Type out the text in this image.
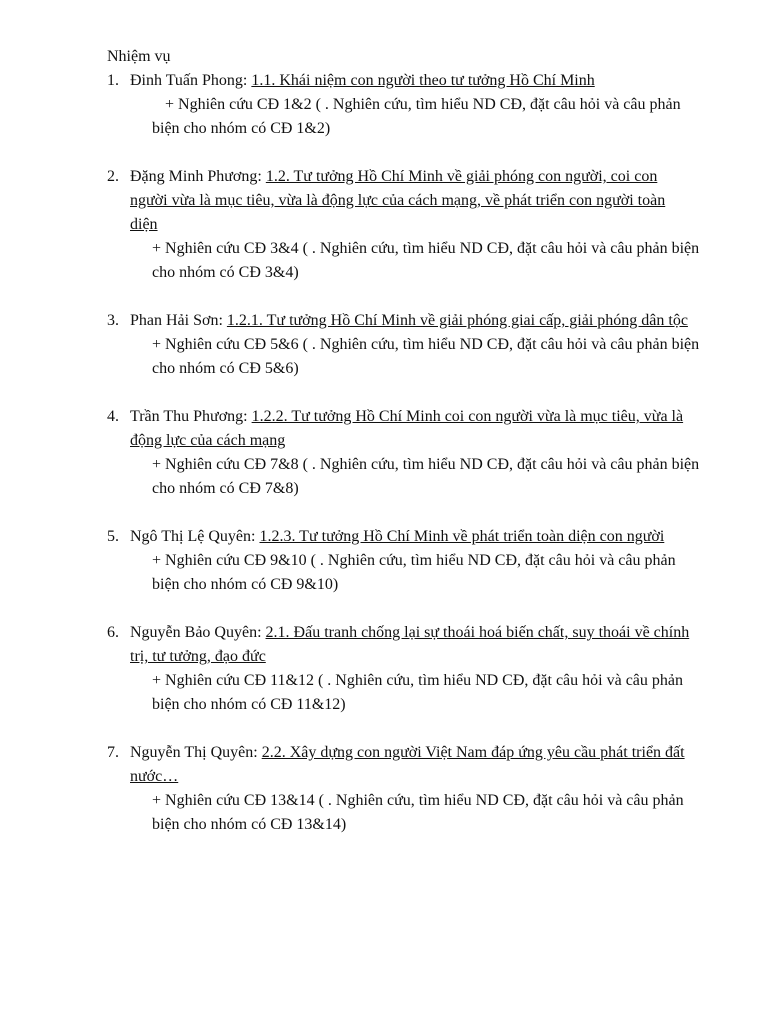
Nhiệm vụ
1. Đinh Tuấn Phong: 1.1. Khái niệm con người theo tư tưởng Hồ Chí Minh
+ Nghiên cứu CĐ 1&2 ( . Nghiên cứu, tìm hiểu ND CĐ, đặt câu hỏi và câu phản biện cho nhóm có CĐ 1&2)
2. Đặng Minh Phương: 1.2. Tư tưởng Hồ Chí Minh về giải phóng con người, coi con người vừa là mục tiêu, vừa là động lực của cách mạng, về phát triển con người toàn diện
+ Nghiên cứu CĐ 3&4 ( . Nghiên cứu, tìm hiểu ND CĐ, đặt câu hỏi và câu phản biện cho nhóm có CĐ 3&4)
3. Phan Hải Sơn: 1.2.1. Tư tưởng Hồ Chí Minh về giải phóng giai cấp, giải phóng dân tộc
+ Nghiên cứu CĐ 5&6 ( . Nghiên cứu, tìm hiểu ND CĐ, đặt câu hỏi và câu phản biện cho nhóm có CĐ 5&6)
4. Trần Thu Phương: 1.2.2. Tư tưởng Hồ Chí Minh coi con người vừa là mục tiêu, vừa là động lực của cách mạng
+ Nghiên cứu CĐ 7&8 ( . Nghiên cứu, tìm hiểu ND CĐ, đặt câu hỏi và câu phản biện cho nhóm có CĐ 7&8)
5. Ngô Thị Lệ Quyên: 1.2.3. Tư tưởng Hồ Chí Minh về phát triển toàn diện con người
+ Nghiên cứu CĐ 9&10 ( . Nghiên cứu, tìm hiểu ND CĐ, đặt câu hỏi và câu phản biện cho nhóm có CĐ 9&10)
6. Nguyễn Bảo Quyên: 2.1. Đấu tranh chống lại sự thoái hoá biến chất, suy thoái về chính trị, tư tưởng, đạo đức
+ Nghiên cứu CĐ 11&12 ( . Nghiên cứu, tìm hiểu ND CĐ, đặt câu hỏi và câu phản biện cho nhóm có CĐ 11&12)
7. Nguyễn Thị Quyên: 2.2. Xây dựng con người Việt Nam đáp ứng yêu cầu phát triển đất nước…
+ Nghiên cứu CĐ 13&14 ( . Nghiên cứu, tìm hiểu ND CĐ, đặt câu hỏi và câu phản biện cho nhóm có CĐ 13&14)
